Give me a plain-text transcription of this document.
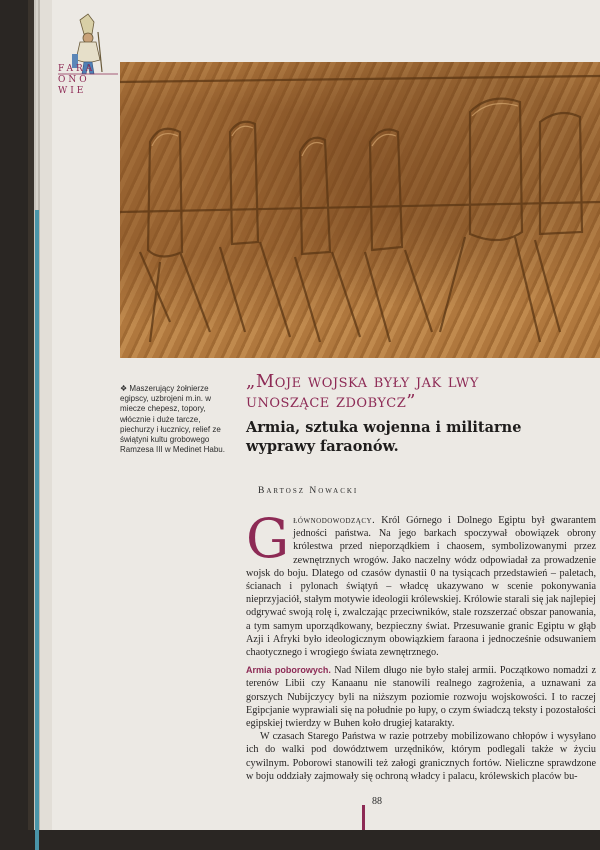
FARA
ONO
WIE
❖ Maszerujący żołnierze egipscy, uzbrojeni m.in. w miecze chepesz, topory, włócznie i duże tarcze, piechurzy i łucznicy, relief ze świątyni kultu grobowego Ramzesa III w Medinet Habu.
„Moje wojska były jak lwy
unoszące zdobycz”
Armia, sztuka wojenna i militarne wyprawy faraonów.
Bartosz Nowacki

Głównodowodzący. Król Górnego i Dolnego Egiptu był gwarantem jedności państwa. Na jego barkach spoczywał obowiązek obrony królestwa przed nieporządkiem i chaosem, symbolizowanymi przez zewnętrznych wrogów. Jako naczelny wódz odpowiadał za prowadzenie wojsk do boju. Dlatego od czasów dynastii 0 na tysiącach przedstawień – paletach, ścianach i pylonach świątyń – władcę ukazywano w scenie pokonywania nieprzyjaciół, stałym motywie ideologii królewskiej. Królowie starali się jak najlepiej odgrywać swoją rolę i, zwalczając przeciwników, stale rozszerzać obszar panowania, a tym samym uporządkowany, bezpieczny świat. Przesuwanie granic Egiptu w głąb Azji i Afryki było ideologicznym obowiązkiem faraona i jednocześnie odsuwaniem chaotycznego i wrogiego świata zewnętrznego.

Armia poborowych. Nad Nilem długo nie było stałej armii. Początkowo nomadzi z terenów Libii czy Kanaanu nie stanowili realnego zagrożenia, a uznawani za gorszych Nubijczycy byli na niższym poziomie rozwoju wojskowości. I to raczej Egipcjanie wyprawiali się na południe po łupy, o czym świadczą teksty i pozostałości egipskiej twierdzy w Buhen koło drugiej katarakty.

W czasach Starego Państwa w razie potrzeby mobilizowano chłopów i wysyłano ich do walki pod dowództwem urzędników, którym podlegali także w życiu cywilnym. Poborowi stanowili też załogi granicznych fortów. Nieliczne sprawdzone w boju oddziały zajmowały się ochroną władcy i palacu, królewskich placów bu-

88
